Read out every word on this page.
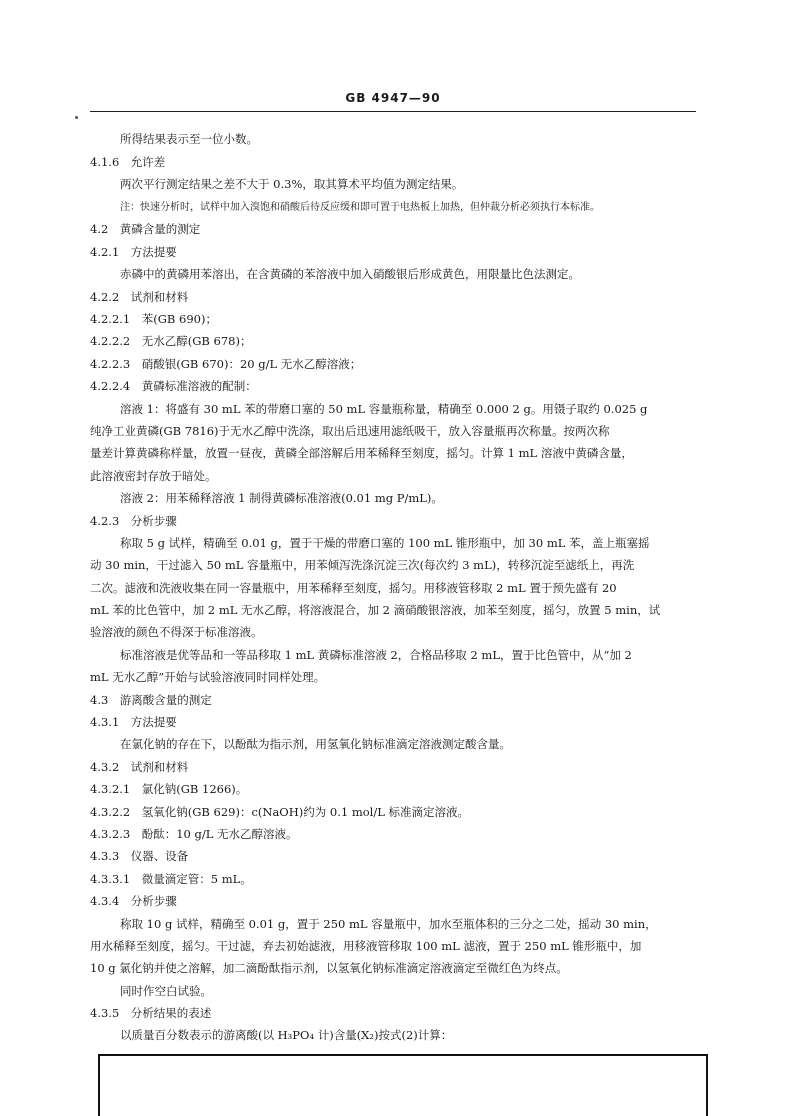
GB 4947—90
所得结果表示至一位小数。
4.1.6　允许差
两次平行测定结果之差不大于 0.3%，取其算术平均值为测定结果。
注：快速分析时，试样中加入溴饱和硝酸后待反应缓和即可置于电热板上加热，但仲裁分析必须执行本标准。
4.2　黄磷含量的测定
4.2.1　方法提要
赤磷中的黄磷用苯溶出，在含黄磷的苯溶液中加入硝酸银后形成黄色，用限量比色法测定。
4.2.2　试剂和材料
4.2.2.1　苯(GB 690)；
4.2.2.2　无水乙醇(GB 678)；
4.2.2.3　硝酸银(GB 670)：20 g/L 无水乙醇溶液；
4.2.2.4　黄磷标准溶液的配制：
溶液 1：将盛有 30 mL 苯的带磨口塞的 50 mL 容量瓶称量，精确至 0.000 2 g。用镊子取约 0.025 g
纯净工业黄磷(GB 7816)于无水乙醇中洗涤，取出后迅速用滤纸吸干，放入容量瓶再次称量。按两次称
量差计算黄磷称样量，放置一昼夜，黄磷全部溶解后用苯稀释至刻度，摇匀。计算 1 mL 溶液中黄磷含量，
此溶液密封存放于暗处。
溶液 2：用苯稀释溶液 1 制得黄磷标准溶液(0.01 mg P/mL)。
4.2.3　分析步骤
称取 5 g 试样，精确至 0.01 g，置于干燥的带磨口塞的 100 mL 锥形瓶中，加 30 mL 苯，盖上瓶塞摇
动 30 min，干过滤入 50 mL 容量瓶中，用苯倾泻洗涤沉淀三次(每次约 3 mL)，转移沉淀至滤纸上，再洗
二次。滤液和洗液收集在同一容量瓶中，用苯稀释至刻度，摇匀。用移液管移取 2 mL 置于预先盛有 20
mL 苯的比色管中，加 2 mL 无水乙醇，将溶液混合，加 2 滴硝酸银溶液，加苯至刻度，摇匀，放置 5 min，试
验溶液的颜色不得深于标准溶液。
标准溶液是优等品和一等品移取 1 mL 黄磷标准溶液 2，合格品移取 2 mL，置于比色管中，从“加 2
mL 无水乙醇”开始与试验溶液同时同样处理。
4.3　游离酸含量的测定
4.3.1　方法提要
在氯化钠的存在下，以酚酞为指示剂，用氢氧化钠标准滴定溶液测定酸含量。
4.3.2　试剂和材料
4.3.2.1　氯化钠(GB 1266)。
4.3.2.2　氢氧化钠(GB 629)：c(NaOH)约为 0.1 mol/L 标准滴定溶液。
4.3.2.3　酚酞：10 g/L 无水乙醇溶液。
4.3.3　仪器、设备
4.3.3.1　微量滴定管：5 mL。
4.3.4　分析步骤
称取 10 g 试样，精确至 0.01 g，置于 250 mL 容量瓶中，加水至瓶体积的三分之二处，摇动 30 min，
用水稀释至刻度，摇匀。干过滤，弃去初始滤液，用移液管移取 100 mL 滤液，置于 250 mL 锥形瓶中，加
10 g 氯化钠并使之溶解，加二滴酚酞指示剂，以氢氧化钠标准滴定溶液滴定至微红色为终点。
同时作空白试验。
4.3.5　分析结果的表述
以质量百分数表示的游离酸(以 H₃PO₄ 计)含量(X₂)按式(2)计算：
